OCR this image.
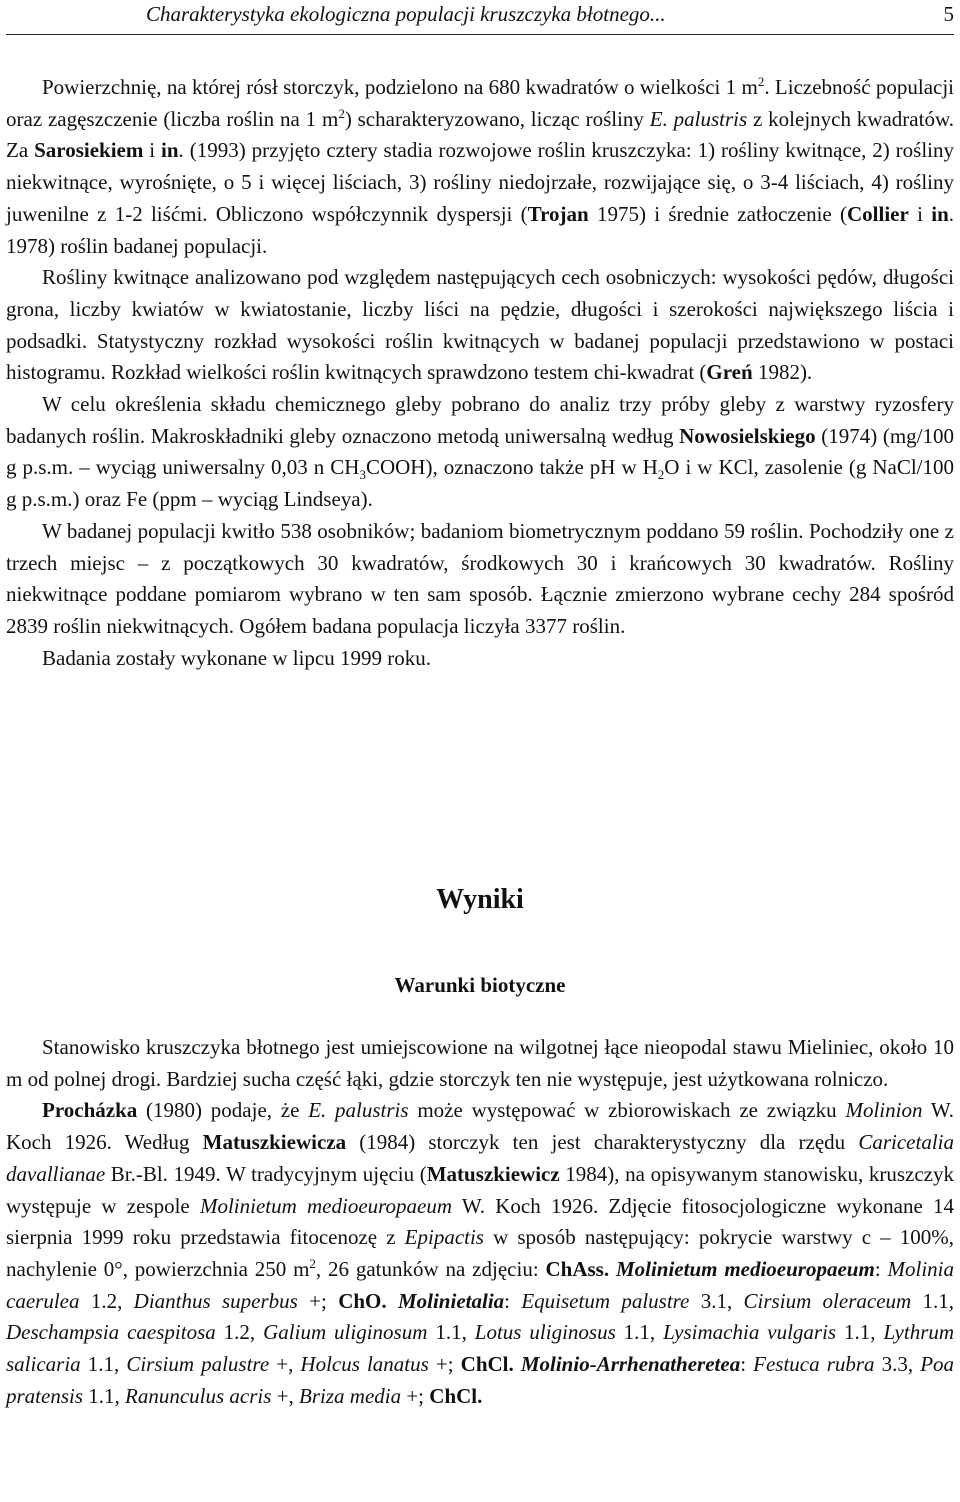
Charakterystyka ekologiczna populacji kruszczyka błotnego...	5

Powierzchnię, na której rósł storczyk, podzielono na 680 kwadratów o wielkości 1 $m^2$. Liczebność populacji oraz zagęszczenie (liczba roślin na 1 $m^2$) scharakteryzowano, licząc rośliny E. palustris z kolejnych kwadratów. Za Sarosiekiem i in. (1993) przyjęto cztery stadia rozwojowe roślin kruszczyka: 1) rośliny kwitnące, 2) rośliny niekwitnące, wyrośnięte, o 5 i więcej liściach, 3) rośliny niedojrzałe, rozwijające się, o 3-4 liściach, 4) rośliny juwenilne z 1-2 liśćmi. Obliczono współczynnik dyspersji (Trojan 1975) i średnie zatłoczenie (Collier i in. 1978) roślin badanej populacji.

Rośliny kwitnące analizowano pod względem następujących cech osobniczych: wysokości pędów, długości grona, liczby kwiatów w kwiatostanie, liczby liści na pędzie, długości i szerokości największego liścia i podsadki. Statystyczny rozkład wysokości roślin kwitnących w badanej populacji przedstawiono w postaci histogramu. Rozkład wielkości roślin kwitnących sprawdzono testem chi-kwadrat (Greń 1982).

W celu określenia składu chemicznego gleby pobrano do analiz trzy próby gleby z warstwy ryzosfery badanych roślin. Makroskładniki gleby oznaczono metodą uniwersalną według Nowosielskiego (1974) (mg/100 g p.s.m. – wyciąg uniwersalny 0,03 n $CH_3COOH$), oznaczono także pH w $H_2O$ i w KCl, zasolenie (g NaCl/100 g p.s.m.) oraz Fe (ppm – wyciąg Lindseya).

W badanej populacji kwitło 538 osobników; badaniom biometrycznym poddano 59 roślin. Pochodziły one z trzech miejsc – z początkowych 30 kwadratów, środkowych 30 i krańcowych 30 kwadratów. Rośliny niekwitnące poddane pomiarom wybrano w ten sam sposób. Łącznie zmierzono wybrane cechy 284 spośród 2839 roślin niekwitnących. Ogółem badana populacja liczyła 3377 roślin.

Badania zostały wykonane w lipcu 1999 roku.

Wyniki
Warunki biotyczne

Stanowisko kruszczyka błotnego jest umiejscowione na wilgotnej łące nieopodal stawu Mieliniec, około 10 m od polnej drogi. Bardziej sucha część łąki, gdzie storczyk ten nie występuje, jest użytkowana rolniczo.

Procházka (1980) podaje, że E. palustris może występować w zbiorowiskach ze związku Molinion W. Koch 1926. Według Matuszkiewicza (1984) storczyk ten jest charakterystyczny dla rzędu Caricetalia davallianae Br.-Bl. 1949. W tradycyjnym ujęciu (Matuszkiewicz 1984), na opisywanym stanowisku, kruszczyk występuje w zespole Molinietum medioeuropaeum W. Koch 1926. Zdjęcie fitosocjologiczne wykonane 14 sierpnia 1999 roku przedstawia fitocenozę z Epipactis w sposób następujący: pokrycie warstwy c – 100%, nachylenie 0°, powierzchnia 250 $m^2$, 26 gatunków na zdjęciu: ChAss. Molinietum medioeuropaeum: Molinia caerulea 1.2, Dianthus superbus +; ChO. Molinietalia: Equisetum palustre 3.1, Cirsium oleraceum 1.1, Deschampsia caespitosa 1.2, Galium uliginosum 1.1, Lotus uliginosus 1.1, Lysimachia vulgaris 1.1, Lythrum salicaria 1.1, Cirsium palustre +, Holcus lanatus +; ChCl. Molinio-Arrhenatheretea: Festuca rubra 3.3, Poa pratensis 1.1, Ranunculus acris +, Briza media +; ChCl.
